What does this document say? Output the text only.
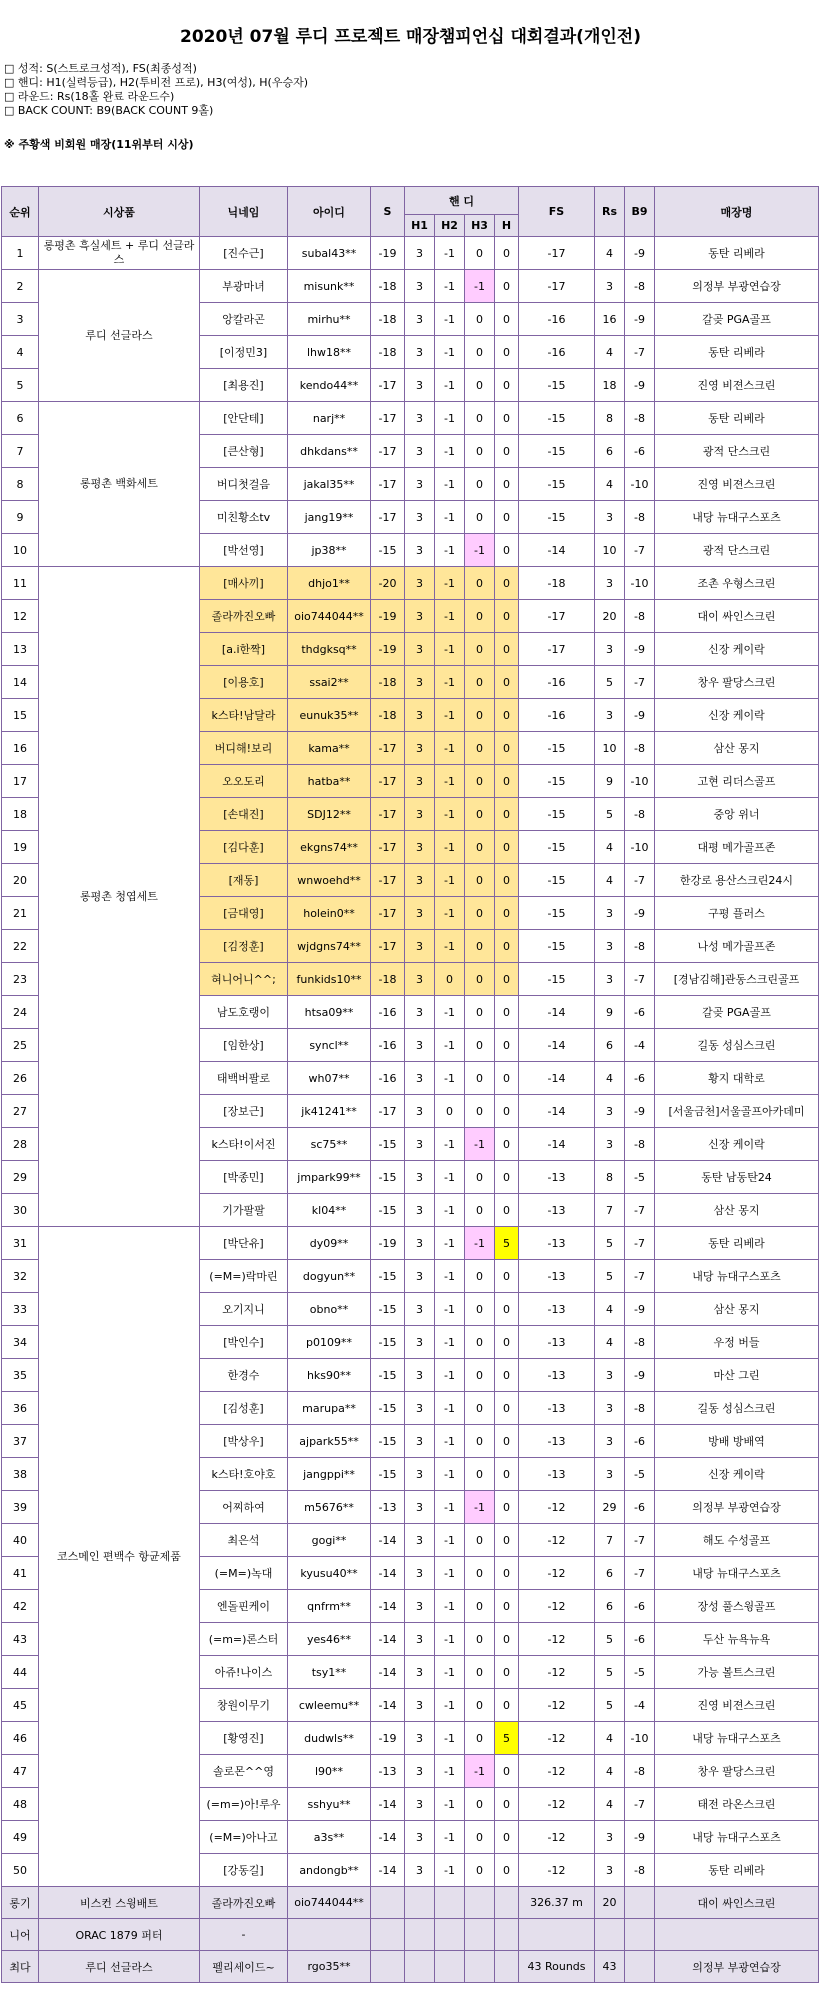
2020년 07월 루디 프로젝트 매장챔피언십 대회결과(개인전)
□ 성적: S(스트로크성적), FS(최종성적)
□ 핸디: H1(실력등급), H2(투비전 프로), H3(여성), H(우승자)
□ 라운드: Rs(18홀 완료 라운드수)
□ BACK COUNT: B9(BACK COUNT 9홀)
※ 주황색 비회원 매장(11위부터 시상)
순위	시상품	닉네임	아이디	S	핸 디				FS	Rs	B9	매장명
					H1	H2	H3	H				
1	롱평촌 흑실세트 + 루디 선글라스	[진수근]	subal43**	-19	3	-1	0	0	-17	4	-9	동탄 리베라
2	루디 선글라스	부광마녀	misunk**	-18	3	-1	-1	0	-17	3	-8	의정부 부광연습장
3		앙칼라곤	mirhu**	-18	3	-1	0	0	-16	16	-9	갈곶 PGA골프
4		[이정민3]	lhw18**	-18	3	-1	0	0	-16	4	-7	동탄 리베라
5		[최용진]	kendo44**	-17	3	-1	0	0	-15	18	-9	진영 비젼스크린
6	롱평촌 백화세트	[안단테]	narj**	-17	3	-1	0	0	-15	8	-8	동탄 리베라
7		[큰산형]	dhkdans**	-17	3	-1	0	0	-15	6	-6	광적 단스크린
8		버디첫걸음	jakal35**	-17	3	-1	0	0	-15	4	-10	진영 비젼스크린
9		미친황소tv	jang19**	-17	3	-1	0	0	-15	3	-8	내당 뉴대구스포츠
10		[박선영]	jp38**	-15	3	-1	-1	0	-14	10	-7	광적 단스크린
11	롱평촌 청엽세트	[매사끼]	dhjo1**	-20	3	-1	0	0	-18	3	-10	조촌 우형스크린
12		졸라까진오빠	oio744044**	-19	3	-1	0	0	-17	20	-8	대이 싸인스크린
13		[a.i한짝]	thdgksq**	-19	3	-1	0	0	-17	3	-9	신장 케이락
14		[이용호]	ssai2**	-18	3	-1	0	0	-16	5	-7	창우 팔당스크린
15		k스타!남달라	eunuk35**	-18	3	-1	0	0	-16	3	-9	신장 케이락
16		버디해!보리	kama**	-17	3	-1	0	0	-15	10	-8	삼산 몽지
17		오오도리	hatba**	-17	3	-1	0	0	-15	9	-10	고현 리더스골프
18		[손대진]	SDJ12**	-17	3	-1	0	0	-15	5	-8	중앙 위너
19		[김다훈]	ekgns74**	-17	3	-1	0	0	-15	4	-10	대평 메가골프존
20		[재동]	wnwoehd**	-17	3	-1	0	0	-15	4	-7	한강로 용산스크린24시
21		[금대영]	holein0**	-17	3	-1	0	0	-15	3	-9	구평 플러스
22		[김정훈]	wjdgns74**	-17	3	-1	0	0	-15	3	-8	나성 메가골프존
23		혀니어니^^;	funkids10**	-18	3	0	0	0	-15	3	-7	[경남김해]관동스크린골프
24		남도호랭이	htsa09**	-16	3	-1	0	0	-14	9	-6	갈곶 PGA골프
25		[임한상]	syncl**	-16	3	-1	0	0	-14	6	-4	길동 성심스크린
26		태백버팔로	wh07**	-16	3	-1	0	0	-14	4	-6	황지 대학로
27		[장보근]	jk41241**	-17	3	0	0	0	-14	3	-9	[서울금천]서울골프아카데미
28		k스타!이서진	sc75**	-15	3	-1	-1	0	-14	3	-8	신장 케이락
29		[박종민]	jmpark99**	-15	3	-1	0	0	-13	8	-5	동탄 남동탄24
30		기가팔팔	kl04**	-15	3	-1	0	0	-13	7	-7	삼산 몽지
31	코스메인 편백수 항균제품	[박단유]	dy09**	-19	3	-1	-1	5	-13	5	-7	동탄 리베라
32		(=M=)락마린	dogyun**	-15	3	-1	0	0	-13	5	-7	내당 뉴대구스포츠
33		오기지니	obno**	-15	3	-1	0	0	-13	4	-9	삼산 몽지
34		[박인수]	p0109**	-15	3	-1	0	0	-13	4	-8	우정 버들
35		한경수	hks90**	-15	3	-1	0	0	-13	3	-9	마산 그린
36		[김성훈]	marupa**	-15	3	-1	0	0	-13	3	-8	길동 성심스크린
37		[박상우]	ajpark55**	-15	3	-1	0	0	-13	3	-6	방배 방배역
38		k스타!호야호	jangppi**	-15	3	-1	0	0	-13	3	-5	신장 케이락
39		어찌하여	m5676**	-13	3	-1	-1	0	-12	29	-6	의정부 부광연습장
40		최은석	gogi**	-14	3	-1	0	0	-12	7	-7	해도 수성골프
41		(=M=)녹대	kyusu40**	-14	3	-1	0	0	-12	6	-7	내당 뉴대구스포츠
42		엔돌핀케이	qnfrm**	-14	3	-1	0	0	-12	6	-6	장성 풀스윙골프
43		(=m=)론스터	yes46**	-14	3	-1	0	0	-12	5	-6	두산 뉴욕뉴욕
44		아쥬!나이스	tsy1**	-14	3	-1	0	0	-12	5	-5	가능 볼트스크린
45		창원이무기	cwleemu**	-14	3	-1	0	0	-12	5	-4	진영 비젼스크린
46		[황영진]	dudwls**	-19	3	-1	0	5	-12	4	-10	내당 뉴대구스포츠
47		솔로몬^^영	l90**	-13	3	-1	-1	0	-12	4	-8	창우 팔당스크린
48		(=m=)아!루우	sshyu**	-14	3	-1	0	0	-12	4	-7	태전 라온스크린
49		(=M=)아나고	a3s**	-14	3	-1	0	0	-12	3	-9	내당 뉴대구스포츠
50		[강동길]	andongb**	-14	3	-1	0	0	-12	3	-8	동탄 리베라
롱기	비스컨 스윙배트	졸라까진오빠	oio744044**						326.37 m	20		대이 싸인스크린
니어	ORAC 1879 퍼터	-										
최다	루디 선글라스	펠리세이드~	rgo35**						43 Rounds	43		의정부 부광연습장
